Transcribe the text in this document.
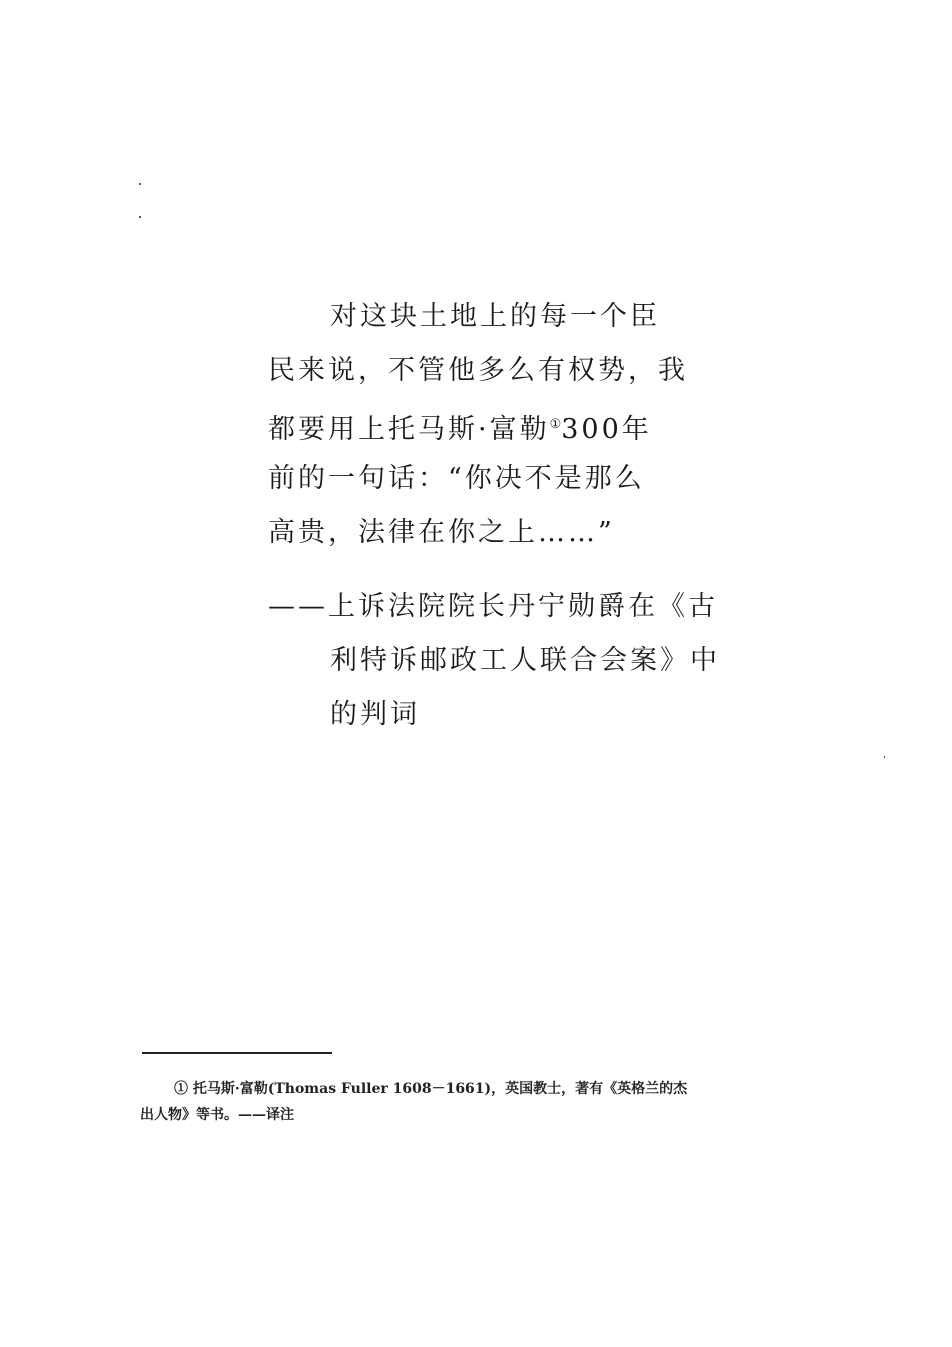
对这块土地上的每一个臣
民来说，不管他多么有权势，我
都要用上托马斯·富勒①300年
前的一句话：“你决不是那么
高贵，法律在你之上……”
——上诉法院院长丹宁勋爵在《古
利特诉邮政工人联合会案》中
的判词
① 托马斯·富勒(Thomas Fuller 1608－1661)，英国教士，著有《英格兰的杰
出人物》等书。——译注
